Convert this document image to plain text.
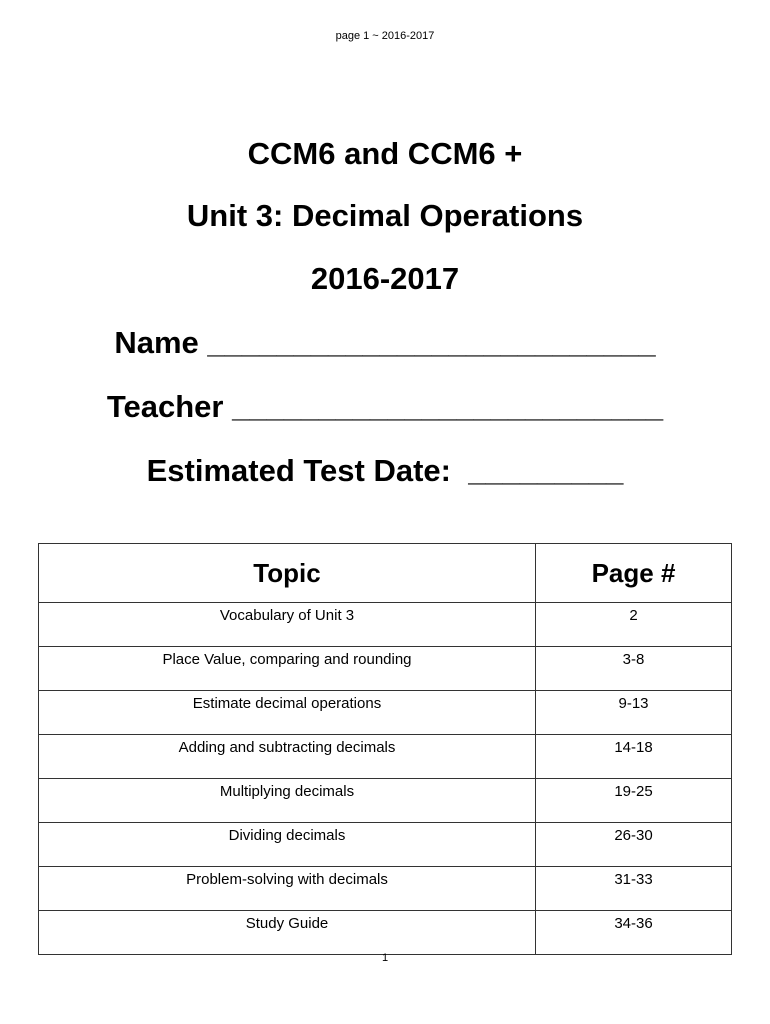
page 1 ~ 2016-2017
CCM6 and CCM6 +
Unit 3: Decimal Operations
2016-2017
Name __________________________
Teacher _________________________
Estimated Test Date:  _________
Topic	Page #
Vocabulary of Unit 3	2
Place Value, comparing and rounding	3-8
Estimate decimal operations	9-13
Adding and subtracting decimals	14-18
Multiplying decimals	19-25
Dividing decimals	26-30
Problem-solving with decimals	31-33
Study Guide	34-36
1
